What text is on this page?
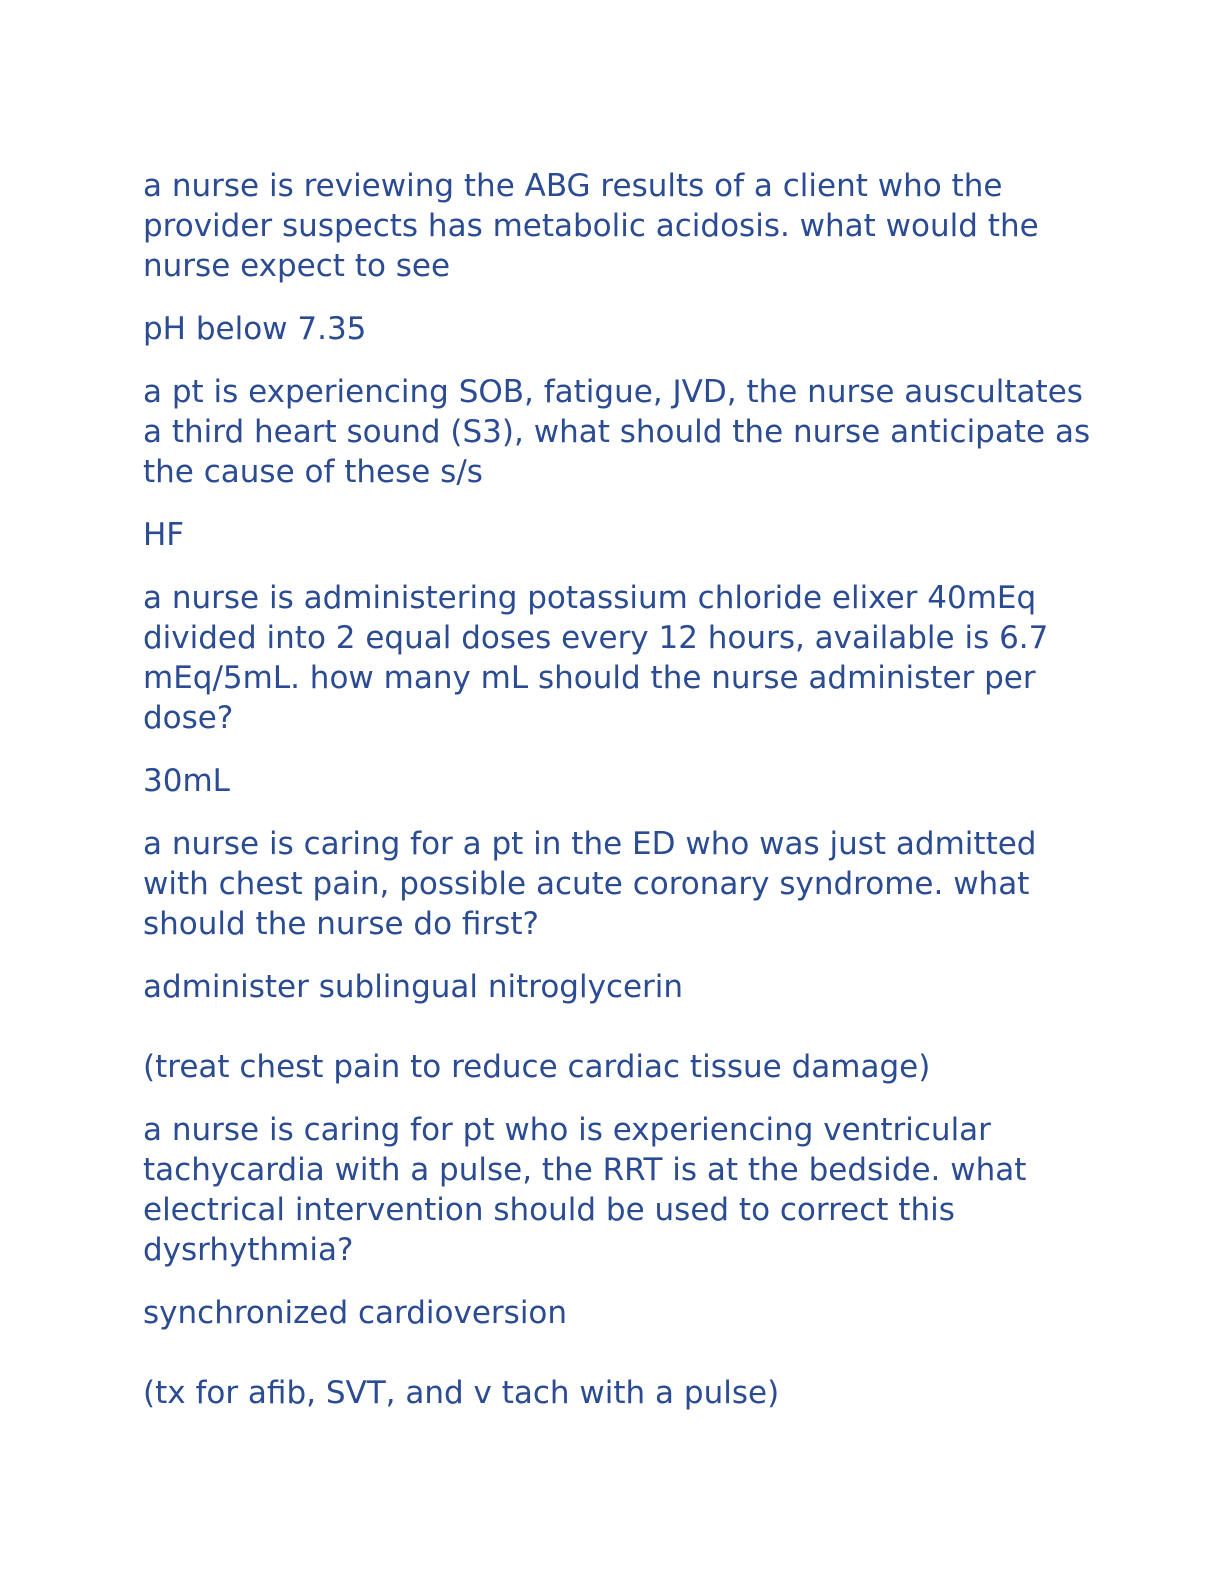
a nurse is reviewing the ABG results of a client who the provider suspects has metabolic acidosis. what would the nurse expect to see

pH below 7.35

a pt is experiencing SOB, fatigue, JVD, the nurse auscultates a third heart sound (S3), what should the nurse anticipate as the cause of these s/s

HF

a nurse is administering potassium chloride elixer 40mEq divided into 2 equal doses every 12 hours, available is 6.7 mEq/5mL. how many mL should the nurse administer per dose?

30mL

a nurse is caring for a pt in the ED who was just admitted with chest pain, possible acute coronary syndrome. what should the nurse do first?

administer sublingual nitroglycerin

(treat chest pain to reduce cardiac tissue damage)

a nurse is caring for pt who is experiencing ventricular tachycardia with a pulse, the RRT is at the bedside. what electrical intervention should be used to correct this dysrhythmia?

synchronized cardioversion

(tx for afib, SVT, and v tach with a pulse)
